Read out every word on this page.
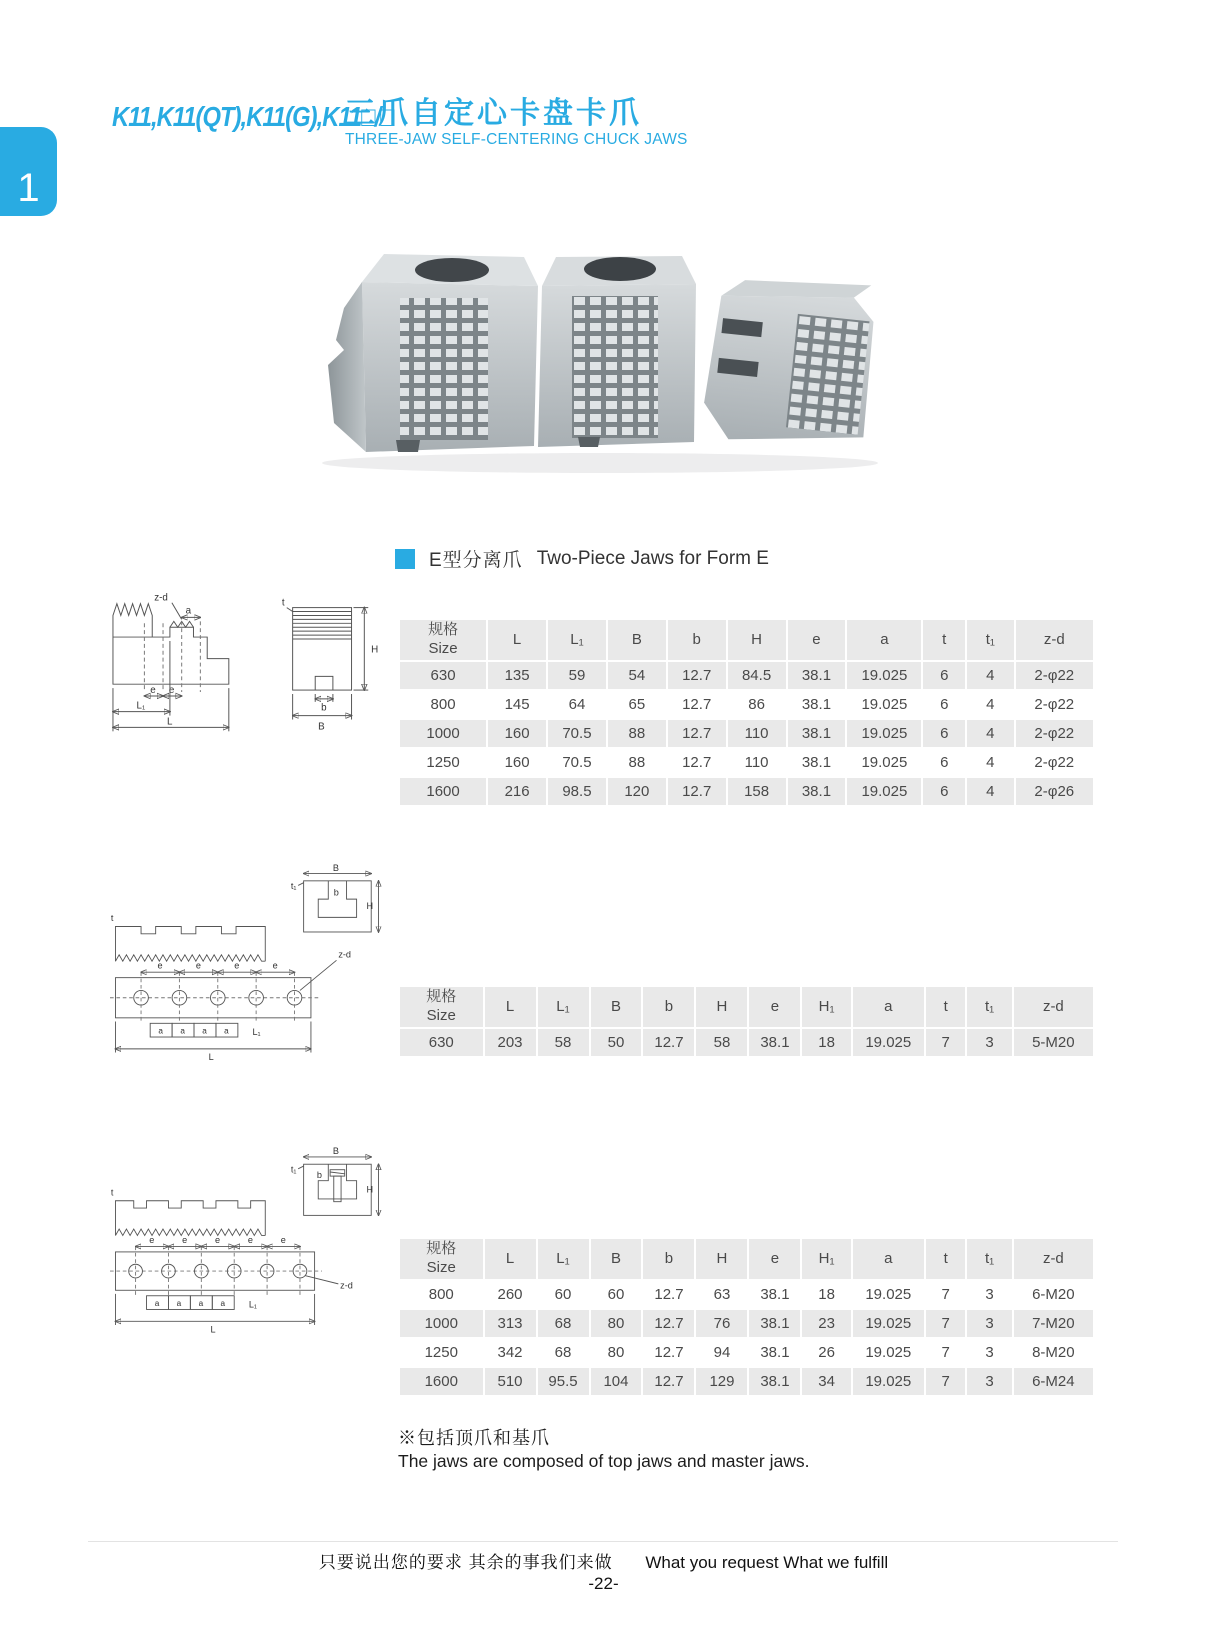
1
K11,K11(QT),K11(G),K11□/□
三爪自定心卡盘卡爪
THREE-JAW SELF-CENTERING CHUCK JAWS
E型分离爪 Two-Piece Jaws for Form E
a
z-d
e e
L₁
L
t
H
b
B
规格
Size	L	L₁	B	b	H	e	a	t	t₁	z-d
630	135	59	54	12.7	84.5	38.1	19.025	6	4	2-φ22
800	145	64	65	12.7	86	38.1	19.025	6	4	2-φ22
1000	160	70.5	88	12.7	110	38.1	19.025	6	4	2-φ22
1250	160	70.5	88	12.7	110	38.1	19.025	6	4	2-φ22
1600	216	98.5	120	12.7	158	38.1	19.025	6	4	2-φ26
B
b
t₁
H
t
e	e	e	e
z-d
a a a a L₁
L
规格
Size	L	L₁	B	b	H	e	H₁	a	t	t₁	z-d
630	203	58	50	12.7	58	38.1	18	19.025	7	3	5-M20
B
b
t₁
H
t
e	e	e	e	e
z-d
a a a a L₁
L
规格
Size	L	L₁	B	b	H	e	H₁	a	t	t₁	z-d
800	260	60	60	12.7	63	38.1	18	19.025	7	3	6-M20
1000	313	68	80	12.7	76	38.1	23	19.025	7	3	7-M20
1250	342	68	80	12.7	94	38.1	26	19.025	7	3	8-M20
1600	510	95.5	104	12.7	129	38.1	34	19.025	7	3	6-M24
※包括顶爪和基爪
The jaws are composed of top jaws and master jaws.
只要说出您的要求 其余的事我们来做 What you request What we fulfill
-22-
